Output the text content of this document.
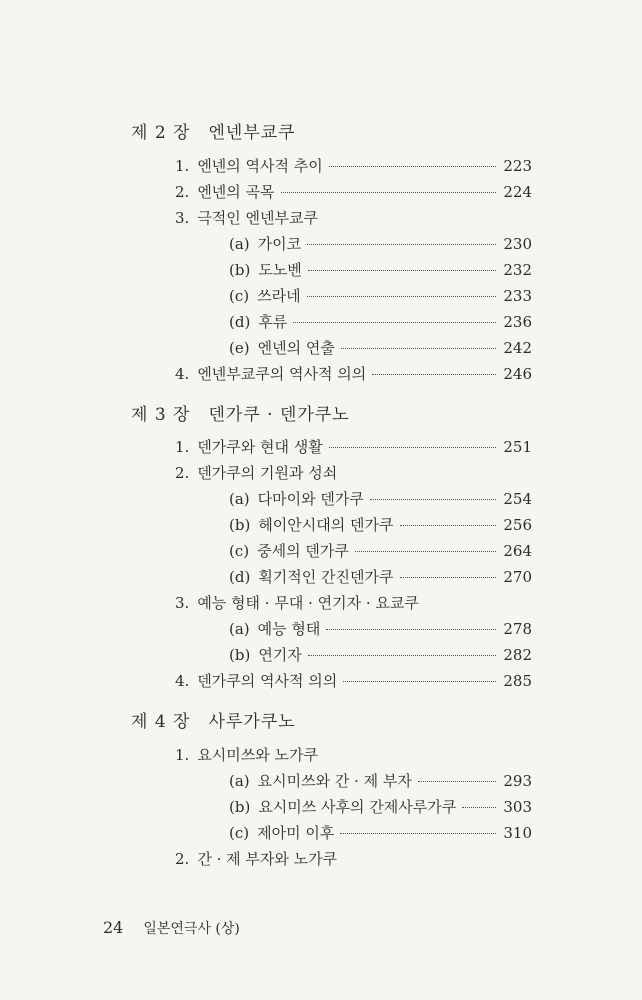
제 2 장 엔넨부쿄쿠
1. 엔넨의 역사적 추이	223
2. 엔넨의 곡목	224
3. 극적인 엔넨부쿄쿠
(a) 가이코	230
(b) 도노벤	232
(c) 쓰라네	233
(d) 후류	236
(e) 엔넨의 연출	242
4. 엔넨부쿄쿠의 역사적 의의	246
제 3 장 덴가쿠 · 덴가쿠노
1. 덴가쿠와 현대 생활	251
2. 덴가쿠의 기원과 성쇠
(a) 다마이와 덴가쿠	254
(b) 헤이안시대의 덴가쿠	256
(c) 중세의 덴가쿠	264
(d) 획기적인 간진덴가쿠	270
3. 예능 형태 · 무대 · 연기자 · 요쿄쿠
(a) 예능 형태	278
(b) 연기자	282
4. 덴가쿠의 역사적 의의	285
제 4 장 사루가쿠노
1. 요시미쓰와 노가쿠
(a) 요시미쓰와 간 · 제 부자	293
(b) 요시미쓰 사후의 간제사루가쿠	303
(c) 제아미 이후	310
2. 간 · 제 부자와 노가쿠
24 일본연극사 (상)
